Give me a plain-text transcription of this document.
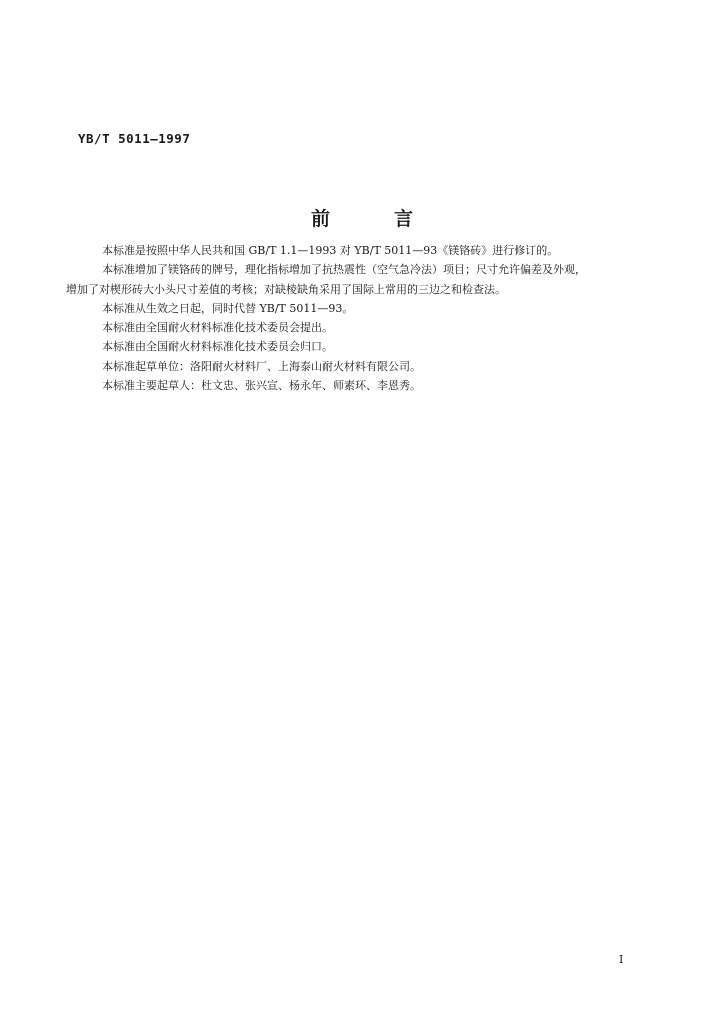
YB/T 5011—1997
前	言

本标准是按照中华人民共和国 GB/T 1.1—1993 对 YB/T 5011—93《镁铬砖》进行修订的。

本标准增加了镁铬砖的牌号，理化指标增加了抗热震性（空气急冷法）项目；尺寸允许偏差及外观，
增加了对楔形砖大小头尺寸差值的考核；对缺棱缺角采用了国际上常用的三边之和检查法。

本标准从生效之日起，同时代替 YB/T 5011—93。

本标准由全国耐火材料标准化技术委员会提出。

本标准由全国耐火材料标准化技术委员会归口。

本标准起草单位：洛阳耐火材料厂、上海泰山耐火材料有限公司。

本标准主要起草人：杜文忠、张兴宣、杨永年、师素环、李恩秀。

I
